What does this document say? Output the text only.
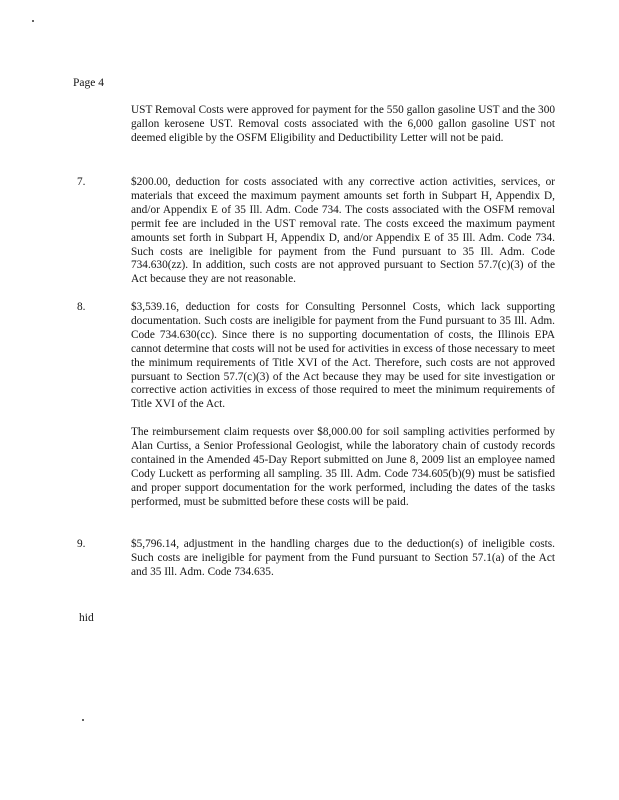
Page 4

UST Removal Costs were approved for payment for the 550 gallon gasoline UST and the 300 gallon kerosene UST. Removal costs associated with the 6,000 gallon gasoline UST not deemed eligible by the OSFM Eligibility and Deductibility Letter will not be paid.

7.	$200.00, deduction for costs associated with any corrective action activities, services, or materials that exceed the maximum payment amounts set forth in Subpart H, Appendix D, and/or Appendix E of 35 Ill. Adm. Code 734. The costs associated with the OSFM removal permit fee are included in the UST removal rate. The costs exceed the maximum payment amounts set forth in Subpart H, Appendix D, and/or Appendix E of 35 Ill. Adm. Code 734. Such costs are ineligible for payment from the Fund pursuant to 35 Ill. Adm. Code 734.630(zz). In addition, such costs are not approved pursuant to Section 57.7(c)(3) of the Act because they are not reasonable.

8.	$3,539.16, deduction for costs for Consulting Personnel Costs, which lack supporting documentation. Such costs are ineligible for payment from the Fund pursuant to 35 Ill. Adm. Code 734.630(cc). Since there is no supporting documentation of costs, the Illinois EPA cannot determine that costs will not be used for activities in excess of those necessary to meet the minimum requirements of Title XVI of the Act. Therefore, such costs are not approved pursuant to Section 57.7(c)(3) of the Act because they may be used for site investigation or corrective action activities in excess of those required to meet the minimum requirements of Title XVI of the Act.

The reimbursement claim requests over $8,000.00 for soil sampling activities performed by Alan Curtiss, a Senior Professional Geologist, while the laboratory chain of custody records contained in the Amended 45-Day Report submitted on June 8, 2009 list an employee named Cody Luckett as performing all sampling. 35 Ill. Adm. Code 734.605(b)(9) must be satisfied and proper support documentation for the work performed, including the dates of the tasks performed, must be submitted before these costs will be paid.

9.	$5,796.14, adjustment in the handling charges due to the deduction(s) of ineligible costs. Such costs are ineligible for payment from the Fund pursuant to Section 57.1(a) of the Act and 35 Ill. Adm. Code 734.635.

hid
